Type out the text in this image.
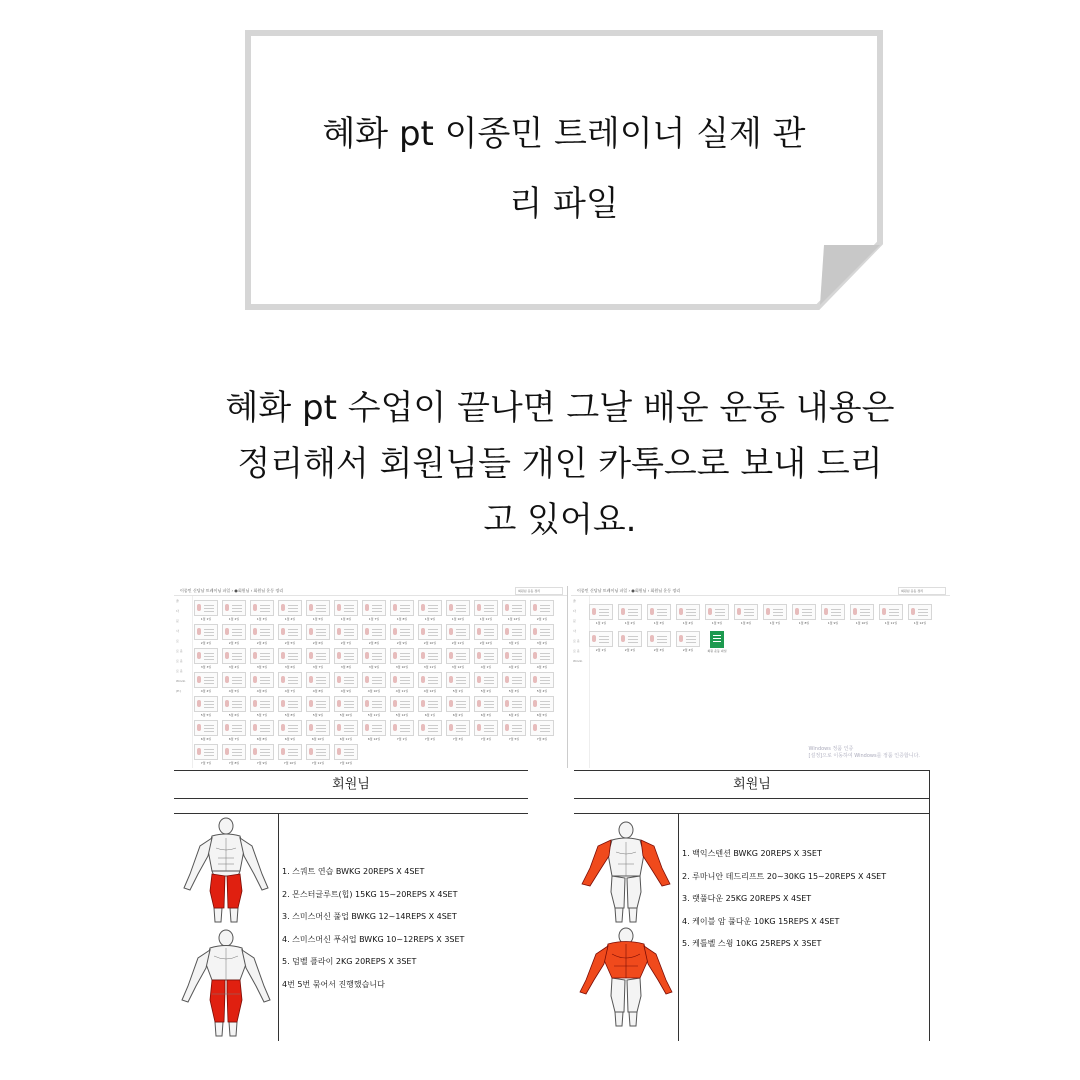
혜화 pt 이종민 트레이너 실제 관
리 파일
혜화 pt 수업이 끝나면 그날 배운 운동 내용은
정리해서 회원님들 개인 카톡으로 보내 드리
고 있어요.
이종민 신당남 트레이닝 파일 › ●회원님 › 회원님 운동 정리	회원님 운동 정리
즐
다
문
사
로
로 운
로 운
로 운
Windo
(E:)
1월 1일	1월 2일	1월 3일	1월 4일	1월 5일	1월 6일	1월 7일	1월 8일	1월 9일	1월 10일	1월 11일	1월 12일	2월 1일
2월 2일	2월 3일	2월 4일	2월 5일	2월 6일	2월 7일	2월 8일	2월 9일	2월 10일	2월 11일	2월 12일	3월 1일	3월 2일
3월 3일	3월 4일	3월 5일	3월 6일	3월 7일	3월 8일	3월 9일	3월 10일	3월 11일	3월 12일	4월 1일	4월 2일	4월 3일
4월 4일	4월 5일	4월 6일	4월 7일	4월 8일	4월 9일	4월 10일	4월 11일	4월 12일	5월 1일	5월 2일	5월 3일	5월 4일
5월 5일	5월 6일	5월 7일	5월 8일	5월 9일	5월 10일	5월 11일	5월 12일	6월 1일	6월 2일	6월 3일	6월 4일	6월 5일
6월 6일	6월 7일	6월 8일	6월 9일	6월 10일	6월 11일	6월 12일	7월 1일	7월 2일	7월 3일	7월 4일	7월 5일	7월 6일
7월 7일	7월 8일	7월 9일	7월 10일	7월 11일	7월 12일
이종민 신당남 트레이닝 파일 › ●회원님 › 회원님 운동 정리	회원님 운동 정리
즐
다
문
사
로 운
로 운
Windo
1월 1일	1월 2일	1월 3일	1월 4일	1월 5일	1월 6일	1월 7일	1월 8일	1월 9일	1월 10일	1월 11일	1월 12일
2월 1일	2월 2일	2월 3일	2월 4일	회원 운동 파일
Windows 정품 인증
[설정]으로 이동하여 Windows를 정품 인증합니다.
회원님
1. 스쿼트 연습 BWKG 20REPS X 4SET
2. 몬스터글루트(힙) 15KG 15~20REPS X 4SET
3. 스미스머신 풀업 BWKG 12~14REPS X 4SET
4. 스미스머신 푸쉬업 BWKG 10~12REPS X 3SET
5. 덤벨 플라이 2KG 20REPS X 3SET
4번 5번 묶어서 진행했습니다
회원님
1. 백익스텐션 BWKG 20REPS X 3SET
2. 루마니안 데드리프트 20~30KG 15~20REPS X 4SET
3. 랫풀다운 25KG 20REPS X 4SET
4. 케이블 암 풀다운 10KG 15REPS X 4SET
5. 케틀벨 스윙 10KG 25REPS X 3SET
